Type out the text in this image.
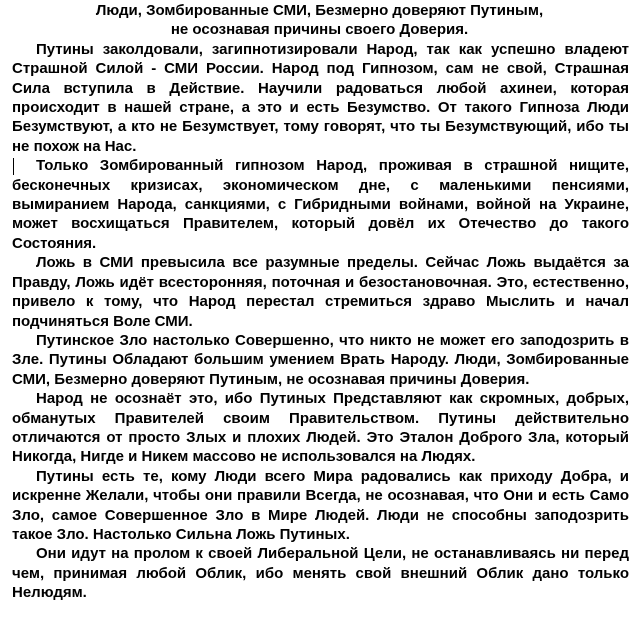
Люди, Зомбированные СМИ, Безмерно доверяют Путиным,
не осознавая причины своего Доверия.

Путины заколдовали, загипнотизировали Народ, так как успешно владеют Страшной Силой - СМИ России. Народ под Гипнозом, сам не свой, Страшная Сила вступила в Действие. Научили радоваться любой ахинеи, которая происходит в нашей стране, а это и есть Безумство. От такого Гипноза Люди Безумствуют, а кто не Безумствует, тому говорят, что ты Безумствующий, ибо ты не похож на Нас.

Только Зомбированный гипнозом Народ, проживая в страшной нищите, бесконечных кризисах, экономическом дне, с маленькими пенсиями, вымиранием Народа, санкциями, с Гибридными войнами, войной на Украине, может восхищаться Правителем, который довёл их Отечество до такого Состояния.

Ложь в СМИ превысила все разумные пределы. Сейчас Ложь выдаётся за Правду, Ложь идёт всесторонняя, поточная и безостановочная. Это, естественно, привело к тому, что Народ перестал стремиться здраво Мыслить и начал подчиняться Воле СМИ.

Путинское Зло настолько Совершенно, что никто не может его заподозрить в Зле. Путины Обладают большим умением Врать Народу. Люди, Зомбированные СМИ, Безмерно доверяют Путиным, не осознавая причины Доверия.

Народ не осознаёт это, ибо Путиных Представляют как скромных, добрых, обманутых Правителей своим Правительством. Путины действительно отличаются от просто Злых и плохих Людей. Это Эталон Доброго Зла, который Никогда, Нигде и Никем массово не использовался на Людях.

Путины есть те, кому Люди всего Мира радовались как приходу Добра, и искренне Желали, чтобы они правили Всегда, не осознавая, что Они и есть Само Зло, самое Совершенное Зло в Мире Людей. Люди не способны заподозрить такое Зло. Настолько Сильна Ложь Путиных.

Они идут на пролом к своей Либеральной Цели, не останавливаясь ни перед чем, принимая любой Облик, ибо менять свой внешний Облик дано только Нелюдям.
